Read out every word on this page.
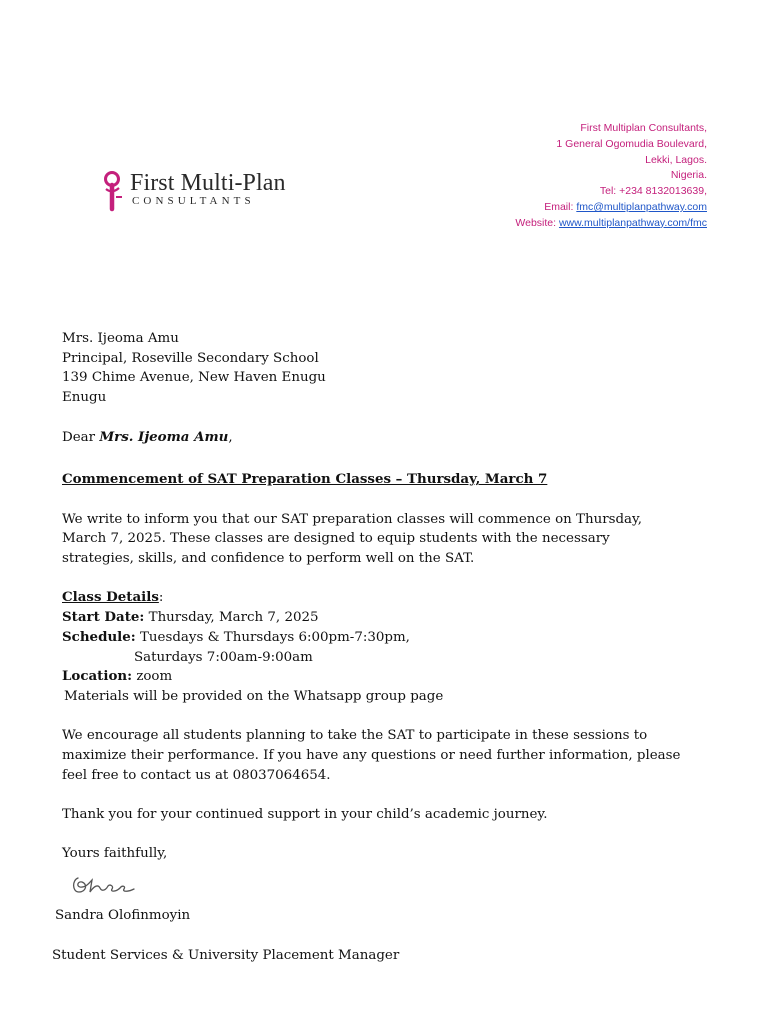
First Multi-Plan
CONSULTANTS
First Multiplan Consultants,
1 General Ogomudia Boulevard,
Lekki, Lagos.
Nigeria.
Tel: +234 8132013639,
Email: fmc@multiplanpathway.com
Website: www.multiplanpathway.com/fmc

Mrs. Ijeoma Amu

Principal, Roseville Secondary School

139 Chime Avenue, New Haven Enugu

Enugu

Dear Mrs. Ijeoma Amu,

Commencement of SAT Preparation Classes – Thursday, March 7

We write to inform you that our SAT preparation classes will commence on Thursday, March 7, 2025. These classes are designed to equip students with the necessary strategies, skills, and confidence to perform well on the SAT.

Class Details:

Start Date: Thursday, March 7, 2025

Schedule: Tuesdays & Thursdays 6:00pm-7:30pm,

Saturdays 7:00am-9:00am

Location: zoom

Materials will be provided on the Whatsapp group page

We encourage all students planning to take the SAT to participate in these sessions to maximize their performance. If you have any questions or need further information, please feel free to contact us at 08037064654.

Thank you for your continued support in your child’s academic journey.

Yours faithfully,
Sandra Olofinmoyin
Student Services & University Placement Manager
